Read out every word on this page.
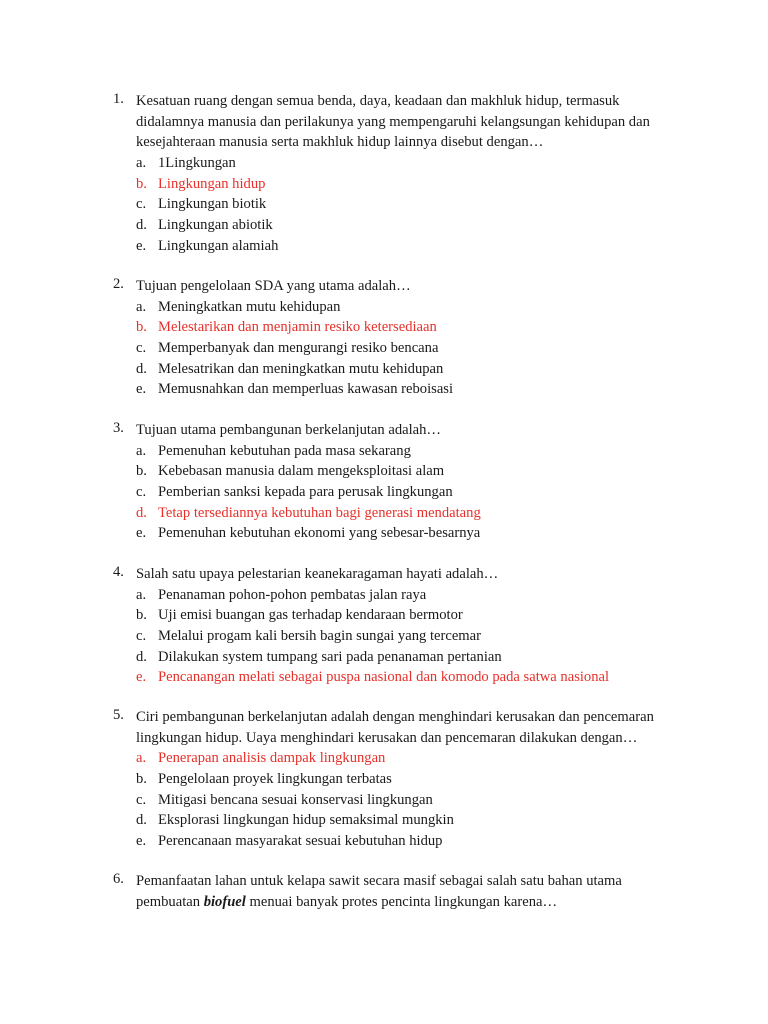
1. Kesatuan ruang dengan semua benda, daya, keadaan dan makhluk hidup, termasuk didalamnya manusia dan perilakunya yang mempengaruhi kelangsungan kehidupan dan kesejahteraan manusia serta makhluk hidup lainnya disebut dengan…
a. 1Lingkungan
b. Lingkungan hidup
c. Lingkungan biotik
d. Lingkungan abiotik
e. Lingkungan alamiah
2. Tujuan pengelolaan SDA yang utama adalah…
a. Meningkatkan mutu kehidupan
b. Melestarikan dan menjamin resiko ketersediaan
c. Memperbanyak dan mengurangi resiko bencana
d. Melesatrikan dan meningkatkan mutu kehidupan
e. Memusnahkan dan memperluas kawasan reboisasi
3. Tujuan utama pembangunan berkelanjutan adalah…
a. Pemenuhan kebutuhan pada masa sekarang
b. Kebebasan manusia dalam mengeksploitasi alam
c. Pemberian sanksi kepada para perusak lingkungan
d. Tetap tersediannya kebutuhan bagi generasi mendatang
e. Pemenuhan kebutuhan ekonomi yang sebesar-besarnya
4. Salah satu upaya pelestarian keanekaragaman hayati adalah…
a. Penanaman pohon-pohon pembatas jalan raya
b. Uji emisi buangan gas terhadap kendaraan bermotor
c. Melalui progam kali bersih bagin sungai yang tercemar
d. Dilakukan system tumpang sari pada penanaman pertanian
e. Pencanangan melati sebagai puspa nasional dan komodo pada satwa nasional
5. Ciri pembangunan berkelanjutan adalah dengan menghindari kerusakan dan pencemaran lingkungan hidup. Uaya menghindari kerusakan dan pencemaran dilakukan dengan…
a. Penerapan analisis dampak lingkungan
b. Pengelolaan proyek lingkungan terbatas
c. Mitigasi bencana sesuai konservasi lingkungan
d. Eksplorasi lingkungan hidup semaksimal mungkin
e. Perencanaan masyarakat sesuai kebutuhan hidup
6. Pemanfaatan lahan untuk kelapa sawit secara masif sebagai salah satu bahan utama pembuatan biofuel menuai banyak protes pencinta lingkungan karena…
